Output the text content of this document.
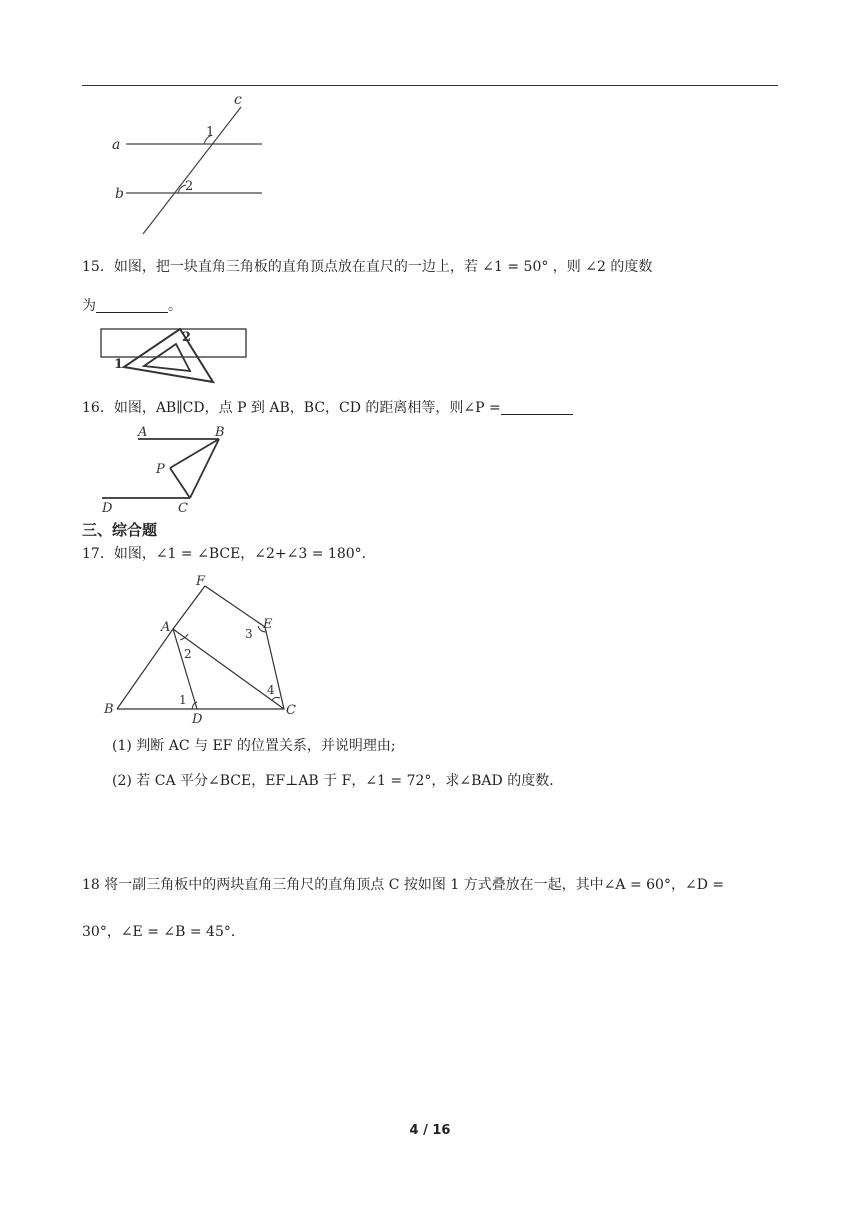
a
b
c
1
2
15．如图，把一块直角三角板的直角顶点放在直尺的一边上，若 ∠1 = 50° ，则 ∠2 的度数
为	。
2
1
16．如图，AB∥CD，点 P 到 AB，BC，CD 的距离相等，则∠P =
A	B
P
D	C
三、综合题
17．如图，∠1 = ∠BCE，∠2+∠3 = 180°．
F
A	E
3
2
4
1
B
D
C
(1) 判断 AC 与 EF 的位置关系，并说明理由;
(2) 若 CA 平分∠BCE，EF⊥AB 于 F，∠1 = 72°，求∠BAD 的度数．
18 将一副三角板中的两块直角三角尺的直角顶点 C 按如图 1 方式叠放在一起，其中∠A = 60°，∠D =
30°，∠E = ∠B = 45°．
4 / 16
